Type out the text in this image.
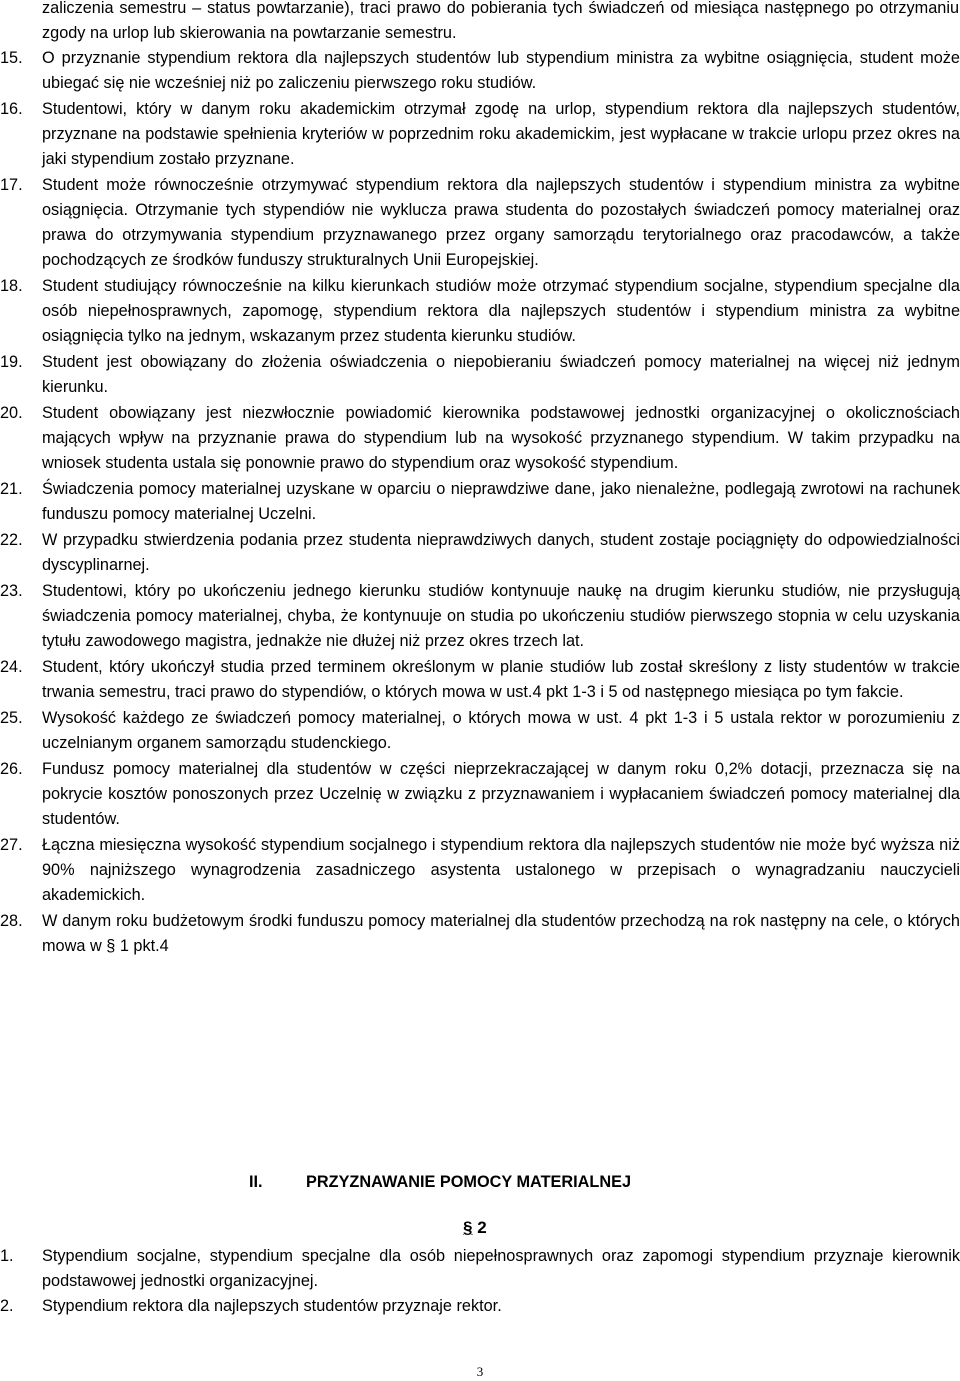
zaliczenia semestru – status powtarzanie), traci prawo do pobierania tych świadczeń od miesiąca następnego po otrzymaniu zgody na urlop lub skierowania na powtarzanie semestru.
15.	O przyznanie stypendium rektora dla najlepszych studentów lub stypendium ministra za wybitne osiągnięcia, student może ubiegać się nie wcześniej niż po zaliczeniu pierwszego roku studiów.
16.	Studentowi, który w danym roku akademickim otrzymał zgodę na urlop, stypendium rektora dla najlepszych studentów, przyznane na podstawie spełnienia kryteriów w poprzednim roku akademickim, jest wypłacane w trakcie urlopu przez okres na jaki stypendium zostało przyznane.
17.	Student może równocześnie otrzymywać stypendium rektora dla najlepszych studentów i stypendium ministra za wybitne osiągnięcia. Otrzymanie tych stypendiów nie wyklucza prawa studenta do pozostałych świadczeń pomocy materialnej oraz prawa do otrzymywania stypendium przyznawanego przez organy samorządu terytorialnego oraz pracodawców, a także pochodzących ze środków funduszy strukturalnych Unii Europejskiej.
18.	Student studiujący równocześnie na kilku kierunkach studiów może otrzymać stypendium socjalne, stypendium specjalne dla osób niepełnosprawnych, zapomogę, stypendium rektora dla najlepszych studentów i stypendium ministra za wybitne osiągnięcia tylko na jednym, wskazanym przez studenta kierunku studiów.
19.	Student jest obowiązany do złożenia oświadczenia o niepobieraniu świadczeń pomocy materialnej na więcej niż jednym kierunku.
20.	Student obowiązany jest niezwłocznie powiadomić kierownika podstawowej jednostki organizacyjnej o okolicznościach mających wpływ na przyznanie prawa do stypendium lub na wysokość przyznanego stypendium. W takim przypadku na wniosek studenta ustala się ponownie prawo do stypendium oraz wysokość stypendium.
21.	Świadczenia pomocy materialnej uzyskane w oparciu o nieprawdziwe dane, jako nienależne, podlegają zwrotowi na rachunek funduszu pomocy materialnej Uczelni.
22.	W przypadku stwierdzenia podania przez studenta nieprawdziwych danych, student zostaje pociągnięty do odpowiedzialności dyscyplinarnej.
23.	Studentowi, który po ukończeniu jednego kierunku studiów kontynuuje naukę na drugim kierunku studiów, nie przysługują świadczenia pomocy materialnej, chyba, że kontynuuje on studia po ukończeniu studiów pierwszego stopnia w celu uzyskania tytułu zawodowego magistra, jednakże nie dłużej niż przez okres trzech lat.
24.	Student, który ukończył studia przed terminem określonym w planie studiów lub został skreślony z listy studentów w trakcie trwania semestru, traci prawo do stypendiów, o których mowa w ust.4 pkt 1-3 i 5 od następnego miesiąca po tym fakcie.
25.	Wysokość każdego ze świadczeń pomocy materialnej, o których mowa w ust. 4 pkt 1-3 i 5 ustala rektor w porozumieniu z uczelnianym organem samorządu studenckiego.
26.	Fundusz pomocy materialnej dla studentów w części nieprzekraczającej w danym roku 0,2% dotacji, przeznacza się na pokrycie kosztów ponoszonych przez Uczelnię w związku z przyznawaniem i wypłacaniem świadczeń pomocy materialnej dla studentów.
27.	Łączna miesięczna wysokość stypendium socjalnego i stypendium rektora dla najlepszych studentów nie może być wyższa niż 90% najniższego wynagrodzenia zasadniczego asystenta ustalonego w przepisach o wynagradzaniu nauczycieli akademickich.
28.	W danym roku budżetowym środki funduszu pomocy materialnej dla studentów przechodzą na rok następny na cele, o których mowa w § 1 pkt.4
II.	PRZYZNAWANIE POMOCY MATERIALNEJ
§ 2
1.	Stypendium socjalne, stypendium specjalne dla osób niepełnosprawnych oraz zapomogi stypendium przyznaje kierownik podstawowej jednostki organizacyjnej.
2.	Stypendium rektora dla najlepszych studentów przyznaje rektor.
3
